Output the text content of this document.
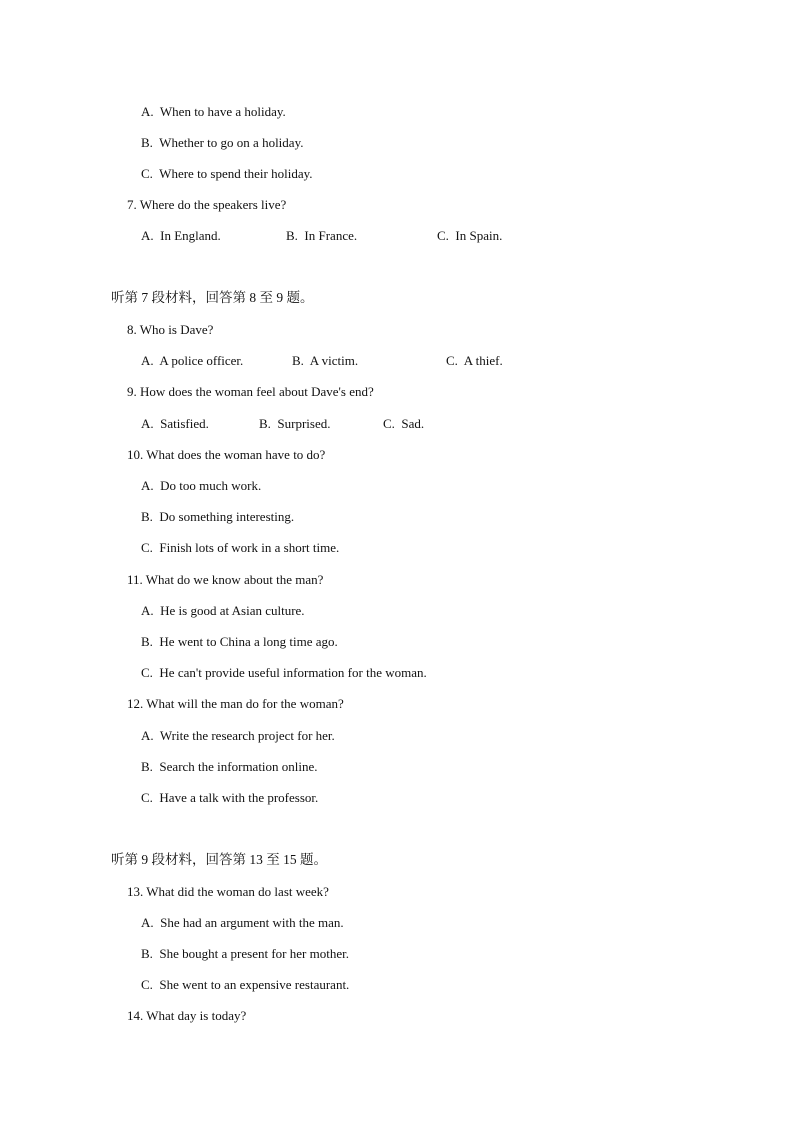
A.  When to have a holiday.
B.  Whether to go on a holiday.
C.  Where to spend their holiday.
7. Where do the speakers live?
A.  In England.	B.  In France.	C.  In Spain.
听第 7 段材料，回答第 8 至 9 题。
8. Who is Dave?
A.  A police officer.	B.  A victim.	C.  A thief.
9. How does the woman feel about Dave's end?
A.  Satisfied.	B.  Surprised.	C.  Sad.
10. What does the woman have to do?
A.  Do too much work.
B.  Do something interesting.
C.  Finish lots of work in a short time.
11. What do we know about the man?
A.  He is good at Asian culture.
B.  He went to China a long time ago.
C.  He can't provide useful information for the woman.
12. What will the man do for the woman?
A.  Write the research project for her.
B.  Search the information online.
C.  Have a talk with the professor.
听第 9 段材料，回答第 13 至 15 题。
13. What did the woman do last week?
A.  She had an argument with the man.
B.  She bought a present for her mother.
C.  She went to an expensive restaurant.
14. What day is today?
